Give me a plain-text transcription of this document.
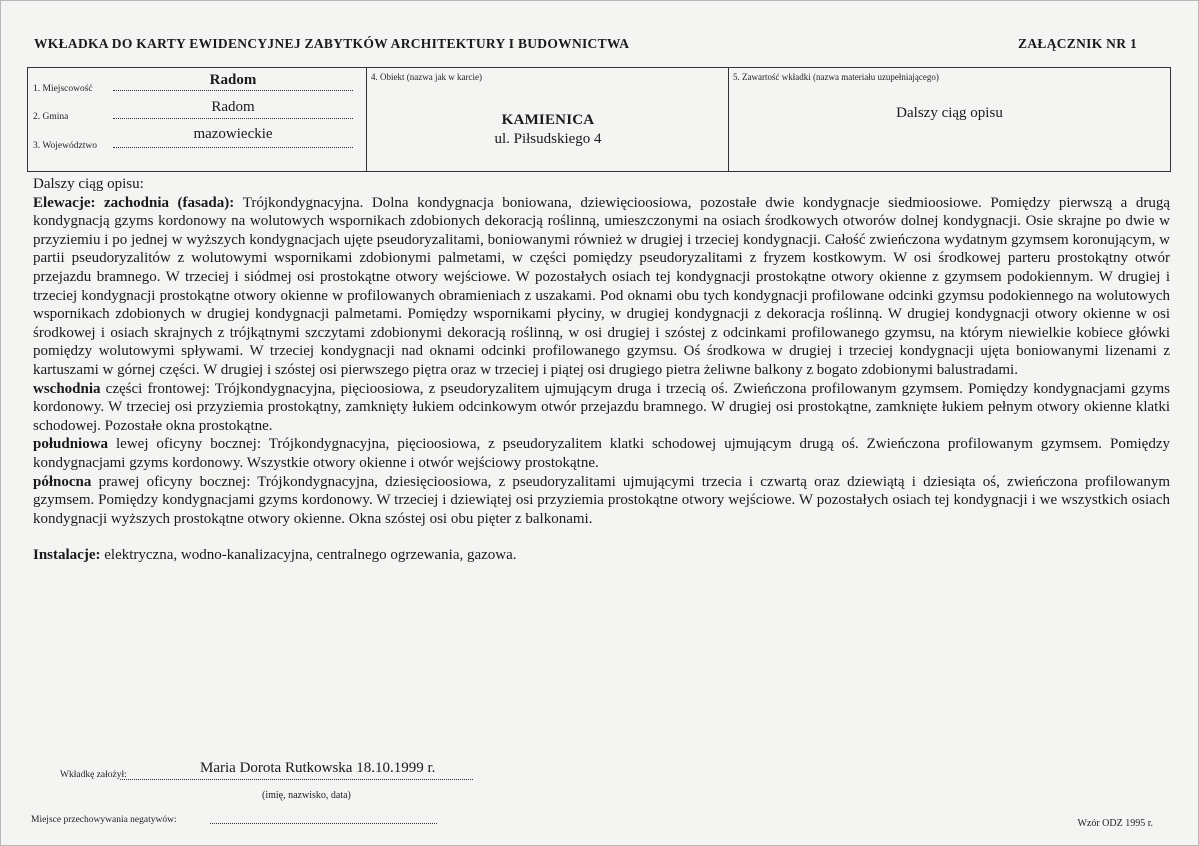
WKŁADKA DO KARTY EWIDENCYJNEJ ZABYTKÓW ARCHITEKTURY I BUDOWNICTWA	ZAŁĄCZNIK NR 1
Radom
1. Miejscowość
Radom
2. Gmina
mazowieckie
3. Województwo
4. Obiekt (nazwa jak w karcie)
KAMIENICA
ul. Piłsudskiego 4
5. Zawartość wkładki (nazwa materiału uzupełniającego)
Dalszy ciąg opisu

Dalszy ciąg opisu:

Elewacje: zachodnia (fasada): Trójkondygnacyjna. Dolna kondygnacja boniowana, dziewięcioosiowa, pozostałe dwie kondygnacje siedmioosiowe. Pomiędzy pierwszą a drugą kondygnacją gzyms kordonowy na wolutowych wspornikach zdobionych dekoracją roślinną, umieszczonymi na osiach środkowych otworów dolnej kondygnacji. Osie skrajne po dwie w przyziemiu i po jednej w wyższych kondygnacjach ujęte pseudoryzalitami, boniowanymi również w drugiej i trzeciej kondygnacji. Całość zwieńczona wydatnym gzymsem koronującym, w partii pseudoryzalitów z wolutowymi wspornikami zdobionymi palmetami, w części pomiędzy pseudoryzalitami z fryzem kostkowym. W osi środkowej parteru prostokątny otwór przejazdu bramnego. W trzeciej i siódmej osi prostokątne otwory wejściowe. W pozostałych osiach tej kondygnacji prostokątne otwory okienne z gzymsem podokiennym. W drugiej i trzeciej kondygnacji prostokątne otwory okienne w profilowanych obramieniach z uszakami. Pod oknami obu tych kondygnacji profilowane odcinki gzymsu podokiennego na wolutowych wspornikach zdobionych w drugiej kondygnacji palmetami. Pomiędzy wspornikami płyciny, w drugiej kondygnacji z dekoracja roślinną. W drugiej kondygnacji otwory okienne w osi środkowej i osiach skrajnych z trójkątnymi szczytami zdobionymi dekoracją roślinną, w osi drugiej i szóstej z odcinkami profilowanego gzymsu, na którym niewielkie kobiece główki pomiędzy wolutowymi spływami. W trzeciej kondygnacji nad oknami odcinki profilowanego gzymsu. Oś środkowa w drugiej i trzeciej kondygnacji ujęta boniowanymi lizenami z kartuszami w górnej części. W drugiej i szóstej osi pierwszego piętra oraz w trzeciej i piątej osi drugiego pietra żeliwne balkony z bogato zdobionymi balustradami.

wschodnia części frontowej: Trójkondygnacyjna, pięcioosiowa, z pseudoryzalitem ujmującym druga i trzecią oś. Zwieńczona profilowanym gzymsem. Pomiędzy kondygnacjami gzyms kordonowy. W trzeciej osi przyziemia prostokątny, zamknięty łukiem odcinkowym otwór przejazdu bramnego. W drugiej osi prostokątne, zamknięte łukiem pełnym otwory okienne klatki schodowej. Pozostałe okna prostokątne.

południowa lewej oficyny bocznej: Trójkondygnacyjna, pięcioosiowa, z pseudoryzalitem klatki schodowej ujmującym drugą oś. Zwieńczona profilowanym gzymsem. Pomiędzy kondygnacjami gzyms kordonowy. Wszystkie otwory okienne i otwór wejściowy prostokątne.

północna prawej oficyny bocznej: Trójkondygnacyjna, dziesięcioosiowa, z pseudoryzalitami ujmującymi trzecia i czwartą oraz dziewiątą i dziesiąta oś, zwieńczona profilowanym gzymsem. Pomiędzy kondygnacjami gzyms kordonowy. W trzeciej i dziewiątej osi przyziemia prostokątne otwory wejściowe. W pozostałych osiach tej kondygnacji i we wszystkich osiach kondygnacji wyższych prostokątne otwory okienne. Okna szóstej osi obu pięter z balkonami.

Instalacje: elektryczna, wodno-kanalizacyjna, centralnego ogrzewania, gazowa.

Maria Dorota Rutkowska 18.10.1999 r.
Wkładkę założył:
(imię, nazwisko, data)
Miejsce przechowywania negatywów:	Wzór ODZ 1995 r.
